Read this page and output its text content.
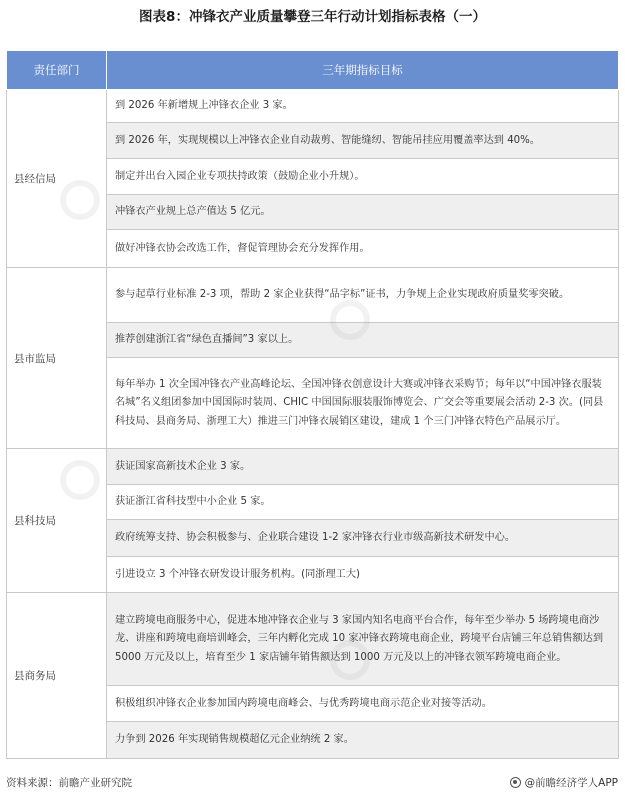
图表8：冲锋衣产业质量攀登三年行动计划指标表格（一）
责任部门	三年期指标目标
县经信局	到 2026 年新增规上冲锋衣企业 3 家。
到 2026 年，实现规模以上冲锋衣企业自动裁剪、智能缝纫、智能吊挂应用覆盖率达到 40%。
制定并出台入园企业专项扶持政策（鼓励企业小升规）。
冲锋衣产业规上总产值达 5 亿元。
做好冲锋衣协会改选工作，督促管理协会充分发挥作用。

县市监局	参与起草行业标准 2-3 项，帮助 2 家企业获得“品字标”证书，力争规上企业实现政府质量奖零突破。
推荐创建浙江省“绿色直播间”3 家以上。
每年举办 1 次全国冲锋衣产业高峰论坛、全国冲锋衣创意设计大赛或冲锋衣采购节；每年以“中国冲锋衣服装名城”名义组团参加中国国际时装周、CHIC 中国国际服装服饰博览会、广交会等重要展会活动 2-3 次。(同县科技局、县商务局、浙理工大）推进三门冲锋衣展销区建设，建成 1 个三门冲锋衣特色产品展示厅。

县科技局	获证国家高新技术企业 3 家。
获证浙江省科技型中小企业 5 家。
政府统筹支持、协会积极参与、企业联合建设 1-2 家冲锋衣行业市级高新技术研发中心。
引进设立 3 个冲锋衣研发设计服务机构。(同浙理工大)

县商务局	建立跨境电商服务中心，促进本地冲锋衣企业与 3 家国内知名电商平台合作，每年至少举办 5 场跨境电商沙龙、讲座和跨境电商培训峰会，三年内孵化完成 10 家冲锋衣跨境电商企业，跨境平台店铺三年总销售额达到 5000 万元及以上，培育至少 1 家店铺年销售额达到 1000 万元及以上的冲锋衣领军跨境电商企业。
积极组织冲锋衣企业参加国内跨境电商峰会、与优秀跨境电商示范企业对接等活动。
力争到 2026 年实现销售规模超亿元企业纳统 2 家。
资料来源：前瞻产业研究院	@前瞻经济学人APP
